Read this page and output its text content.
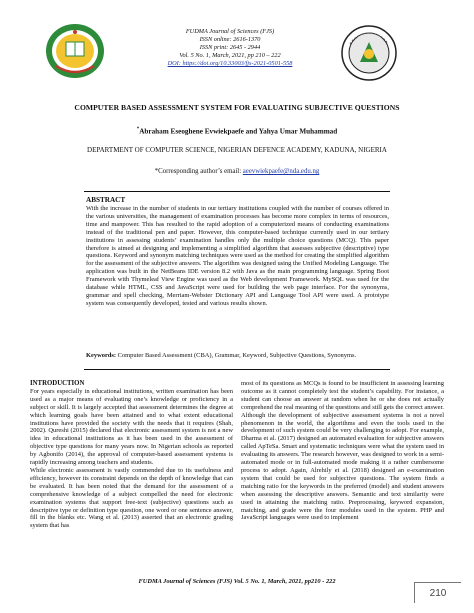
FUDMA Journal of Sciences (FJS)
ISSN online: 2616-1370
ISSN print: 2645 - 2944
Vol. 5 No. 1, March, 2021, pp 210 – 222
DOI: https://doi.org/10.33003/fjs-2021-0501-558
COMPUTER BASED ASSESSMENT SYSTEM FOR EVALUATING SUBJECTIVE QUESTIONS
*Abraham Eseoghene Evwiekpaefe and Yahya Umar Muhammad
DEPARTMENT OF COMPUTER SCIENCE, NIGERIAN DEFENCE ACADEMY, KADUNA, NIGERIA
*Corresponding author’s email: aeevwiekpaefe@nda.edu.ng
ABSTRACT
With the increase in the number of students in our tertiary institutions coupled with the number of courses offered in the various universities, the management of examination processes has become more complex in terms of resources, time and manpower. This has resulted to the rapid adoption of a computerized means of conducting examinations instead of the traditional pen and paper. However, this computer-based technique currently used in our tertiary institutions in assessing students’ examination handles only the multiple choice questions (MCQ). This paper therefore is aimed at designing and implementing a simplified algorithm that assesses subjective (descriptive) type questions. Keyword and synonym matching techniques were used as the method for creating the simplified algorithm for the assessment of the subjective answers. The algorithm was designed using the Unified Modeling Language. The application was built in the NetBeans IDE version 8.2 with Java as the main programming language. Spring Boot Framework with Thymeleaf View Engine was used as the Web development Framework. MySQL was used for the database while HTML, CSS and JavaScript were used for building the web page interface. For the synonyms, grammar and spell checking, Merriam-Webster Dictionary API and Language Tool API were used. A prototype system was consequently developed, tested and various results shown.
Keywords: Computer Based Assessment (CBA), Grammar, Keyword, Subjective Questions, Synonyms.

INTRODUCTION

For years especially in educational institutions, written examination has been used as a major means of evaluating one’s knowledge or proficiency in a subject or skill. It is largely accepted that assessment determines the degree at which learning goals have been attained and to what extent educational institutions have provided the society with the needs that it requires (Shah, 2002). Qureshi (2015) declared that electronic assessment system is not a new idea in educational institutions as it has been used in the assessment of objective type questions for many years now. In Nigerian schools as reported by Agbonifo (2014), the approval of computer-based assessment systems is rapidly increasing among teachers and students.

While electronic assessment is vastly commended due to its usefulness and efficiency, however its constraint depends on the depth of knowledge that can be evaluated. It has been noted that the demand for the assessment of a comprehensive knowledge of a subject compelled the need for electronic examination systems that support free-text (subjective) questions such as descriptive type or definition type question, one word or one sentence answer, fill in the blanks etc. Wang et al. (2013) asserted that an electronic grading system that has

most of its questions as MCQs is found to be insufficient in assessing learning outcome as it cannot completely test the student’s capability. For instance, a student can choose an answer at random when he or she does not actually comprehend the real meaning of the questions and still gets the correct answer.

Although the development of subjective assessment systems is not a novel phenomenon in the world, the algorithms and even the tools used in the development of such system could be very challenging to adopt. For example, Dharma et al. (2017) designed an automated evaluation for subjective answers called ApTeSa. Smart and systematic techniques were what the system used in evaluating its answers. The research however, was designed to work in a semi-automated mode or in full-automated mode making it a rather cumbersome process to adopt. Again, Alrehily et al. (2018) designed an e-examination system that could be used for subjective questions. The system finds a matching ratio for the keywords in the preferred (model) and student answers when assessing the descriptive answers. Semantic and text similarity were used in attaining the matching ratio. Preprocessing, keyword expansion, matching, and grade were the four modules used in the system. PHP and JavaScript languages were used to implement

FUDMA Journal of Sciences (FJS) Vol. 5 No. 1, March, 2021, pp210 - 222
210
